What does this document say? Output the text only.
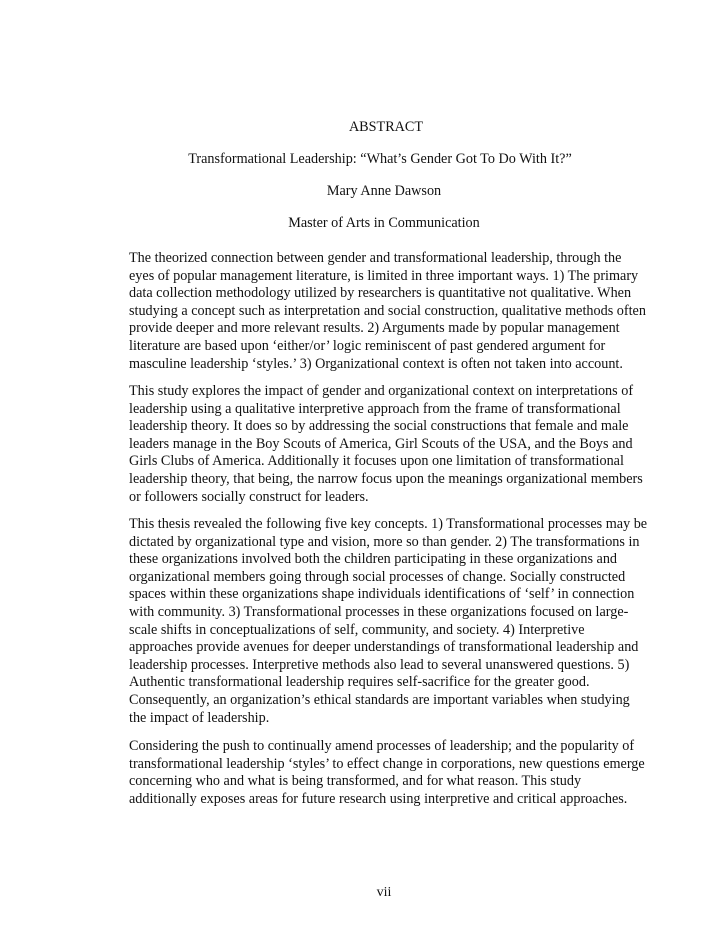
ABSTRACT
Transformational Leadership: “What’s Gender Got To Do With It?”
Mary Anne Dawson
Master of Arts in Communication
The theorized connection between gender and transformational leadership, through the
eyes of popular management literature, is limited in three important ways. 1) The primary
data collection methodology utilized by researchers is quantitative not qualitative. When
studying a concept such as interpretation and social construction, qualitative methods often
provide deeper and more relevant results. 2) Arguments made by popular management
literature are based upon ‘either/or’ logic reminiscent of past gendered argument for
masculine leadership ‘styles.’ 3) Organizational context is often not taken into account.
This study explores the impact of gender and organizational context on interpretations of
leadership using a qualitative interpretive approach from the frame of transformational
leadership theory. It does so by addressing the social constructions that female and male
leaders manage in the Boy Scouts of America, Girl Scouts of the USA, and the Boys and
Girls Clubs of America. Additionally it focuses upon one limitation of transformational
leadership theory, that being, the narrow focus upon the meanings organizational members
or followers socially construct for leaders.
This thesis revealed the following five key concepts. 1) Transformational processes may be
dictated by organizational type and vision, more so than gender. 2) The transformations in
these organizations involved both the children participating in these organizations and
organizational members going through social processes of change. Socially constructed
spaces within these organizations shape individuals identifications of ‘self’ in connection
with community. 3) Transformational processes in these organizations focused on large-
scale shifts in conceptualizations of self, community, and society. 4) Interpretive
approaches provide avenues for deeper understandings of transformational leadership and
leadership processes. Interpretive methods also lead to several unanswered questions. 5)
Authentic transformational leadership requires self-sacrifice for the greater good.
Consequently, an organization’s ethical standards are important variables when studying
the impact of leadership.
Considering the push to continually amend processes of leadership; and the popularity of
transformational leadership ‘styles’ to effect change in corporations, new questions emerge
concerning who and what is being transformed, and for what reason. This study
additionally exposes areas for future research using interpretive and critical approaches.
vii
